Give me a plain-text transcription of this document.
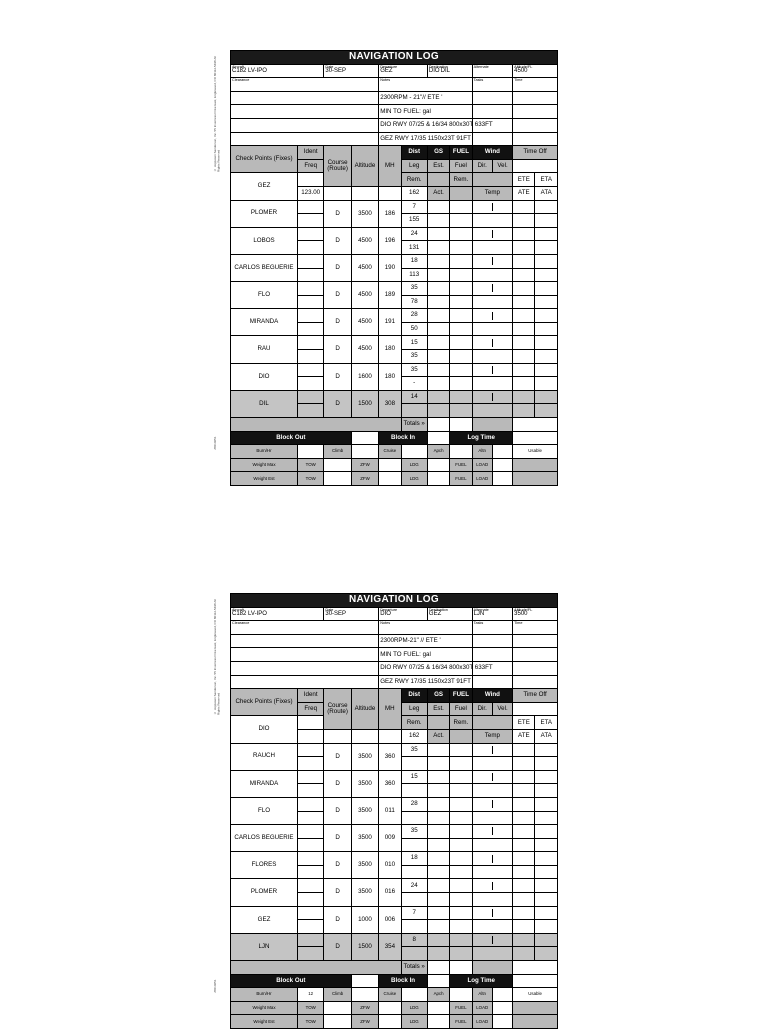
© Jeppesen Sanderson, Inc. 55 Inverness Drive East, Englewood, CO 80112-5498 All Rights Reserved
JS514051
NAVIGATION LOG											
Aircraft
C182 LV-IPO		Date
30-SEP		Departure
GEZ		Destination
DIO DIL		Alternate		Altitude/FL
4500	
Clearance				Notes				Tasks		Time	
				2300RPM - 21"// ETE '							
				MIN TO FUEL: gal							
				DIO RWY 07/25 & 16/34 800x30T 633FT							
				GEZ RWY 17/35 1150x23T 91FT							
Check Points (Fixes)	Ident	Course (Route)	Altitude	MH	Dist	GS	FUEL	Wind		Time Off	
	Freq				Leg	Est.	Fuel	Dir.	Vel.		
GEZ					Rem.		Rem.			ETE	ETA
	123.00				162	Act.		Temp		ATE	ATA
PLOMER		D	3500	186	7				

					155						
LOBOS		D	4500	196	24				

					131						
CARLOS BEGUERIE		D	4500	190	18				

					113						
FLO		D	4500	189	35				

					78						
MIRANDA		D	4500	191	28				

					50						
RAU		D	4500	180	15				

					35						
DIO		D	1600	180	35				

					-						
DIL		D	1500	308	14				

					Totals »						
Block Out				Block In			Log Time				
Burn/Hr		Climb		Cruise		Apch		Altn		Usable	
Weight Max	TOW		ZFW		LDG		FUEL	LOAD			
Weight Est	TOW		ZFW		LDG		FUEL	LOAD			
© Jeppesen Sanderson, Inc. 55 Inverness Drive East, Englewood, CO 80112-5498 All Rights Reserved
JS514051
NAVIGATION LOG											
Aircraft
C182 LV-IPO		Date
30-SEP		Departure
DIO		Destination
GEZ		Alternate
LJN		Altitude/FL
3500	
Clearance				Notes				Tasks		Time	
				2300RPM-21" // ETE '							
				MIN TO FUEL: gal							
				DIO RWY 07/25 & 16/34 800x30T 633FT							
				GEZ RWY 17/35 1150x23T 91FT							
Check Points (Fixes)	Ident	Course (Route)	Altitude	MH	Dist	GS	FUEL	Wind		Time Off	
	Freq				Leg	Est.	Fuel	Dir.	Vel.		
DIO					Rem.		Rem.			ETE	ETA
					162	Act.		Temp		ATE	ATA
RAUCH		D	3500	360	35				

MIRANDA		D	3500	360	15				

FLO		D	3500	011	28				

CARLOS BEGUERIE		D	3500	009	35				

FLORES		D	3500	010	18				

PLOMER		D	3500	016	24				

GEZ		D	1000	006	7				

LJN		D	1500	354	8				

					Totals »						
Block Out				Block In			Log Time				
Burn/Hr	12	Climb		Cruise		Apch		Altn		Usable	
Weight Max	TOW		ZFW		LDG		FUEL	LOAD			
Weight Est	TOW		ZFW		LDG		FUEL	LOAD			
